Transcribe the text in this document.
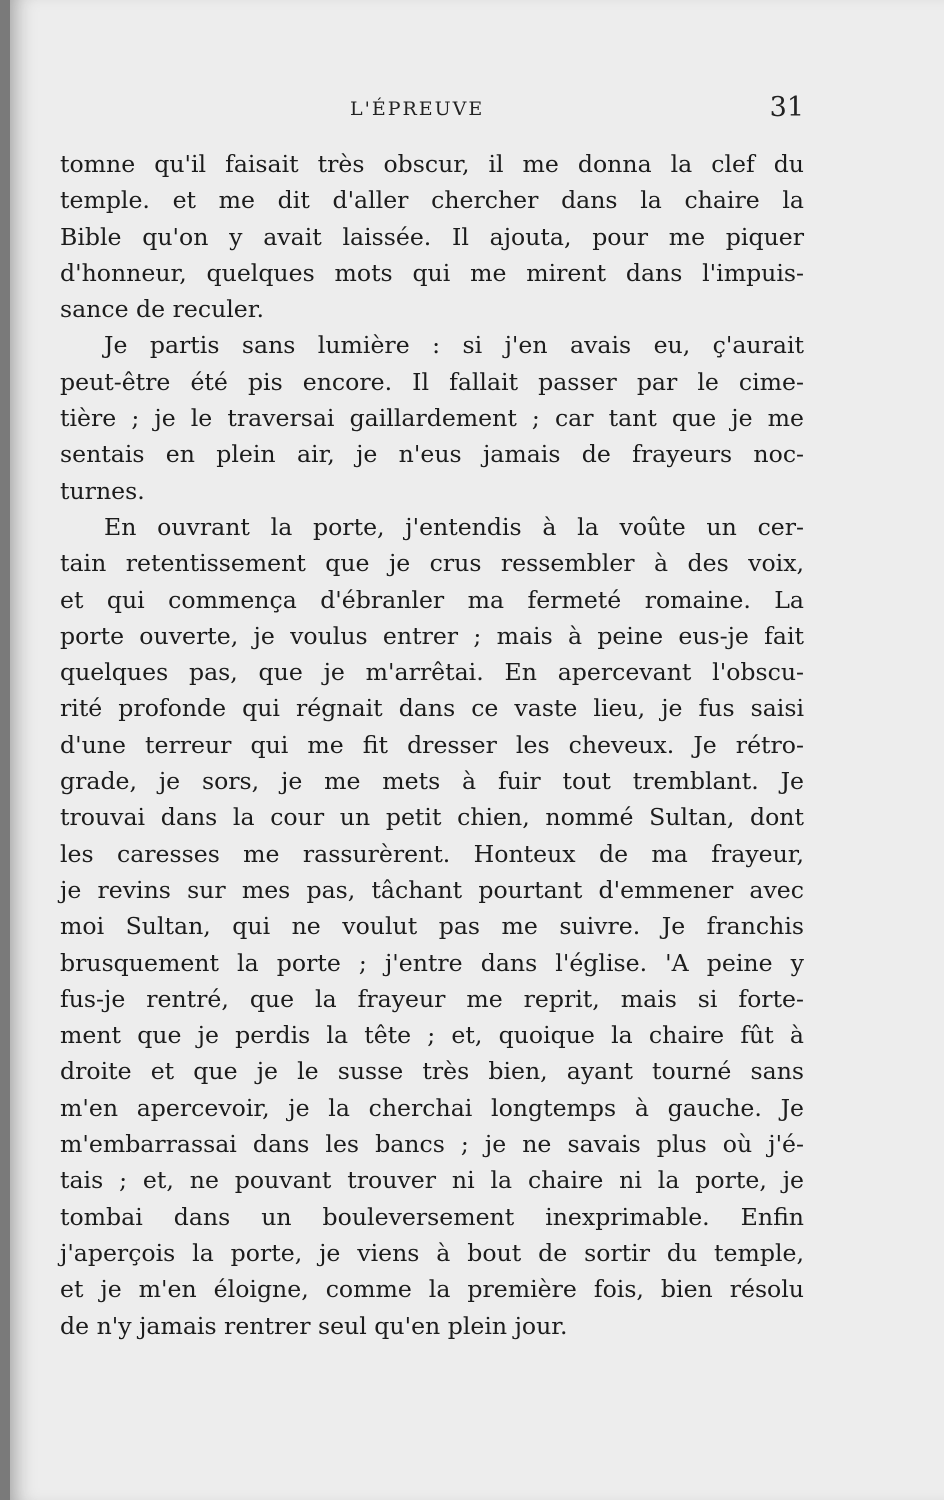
L'ÉPREUVE	31
tomne qu'il faisait très obscur, il me donna la clef du
temple. et me dit d'aller chercher dans la chaire la
Bible qu'on y avait laissée. Il ajouta, pour me piquer
d'honneur, quelques mots qui me mirent dans l'impuis-
sance de reculer.
Je partis sans lumière : si j'en avais eu, ç'aurait
peut-être été pis encore. Il fallait passer par le cime-
tière ; je le traversai gaillardement ; car tant que je me
sentais en plein air, je n'eus jamais de frayeurs noc-
turnes.
En ouvrant la porte, j'entendis à la voûte un cer-
tain retentissement que je crus ressembler à des voix,
et qui commença d'ébranler ma fermeté romaine. La
porte ouverte, je voulus entrer ; mais à peine eus-je fait
quelques pas, que je m'arrêtai. En apercevant l'obscu-
rité profonde qui régnait dans ce vaste lieu, je fus saisi
d'une terreur qui me fit dresser les cheveux. Je rétro-
grade, je sors, je me mets à fuir tout tremblant. Je
trouvai dans la cour un petit chien, nommé Sultan, dont
les caresses me rassurèrent. Honteux de ma frayeur,
je revins sur mes pas, tâchant pourtant d'emmener avec
moi Sultan, qui ne voulut pas me suivre. Je franchis
brusquement la porte ; j'entre dans l'église. 'A peine y
fus-je rentré, que la frayeur me reprit, mais si forte-
ment que je perdis la tête ; et, quoique la chaire fût à
droite et que je le susse très bien, ayant tourné sans
m'en apercevoir, je la cherchai longtemps à gauche. Je
m'embarrassai dans les bancs ; je ne savais plus où j'é-
tais ; et, ne pouvant trouver ni la chaire ni la porte, je
tombai dans un bouleversement inexprimable. Enfin
j'aperçois la porte, je viens à bout de sortir du temple,
et je m'en éloigne, comme la première fois, bien résolu
de n'y jamais rentrer seul qu'en plein jour.
